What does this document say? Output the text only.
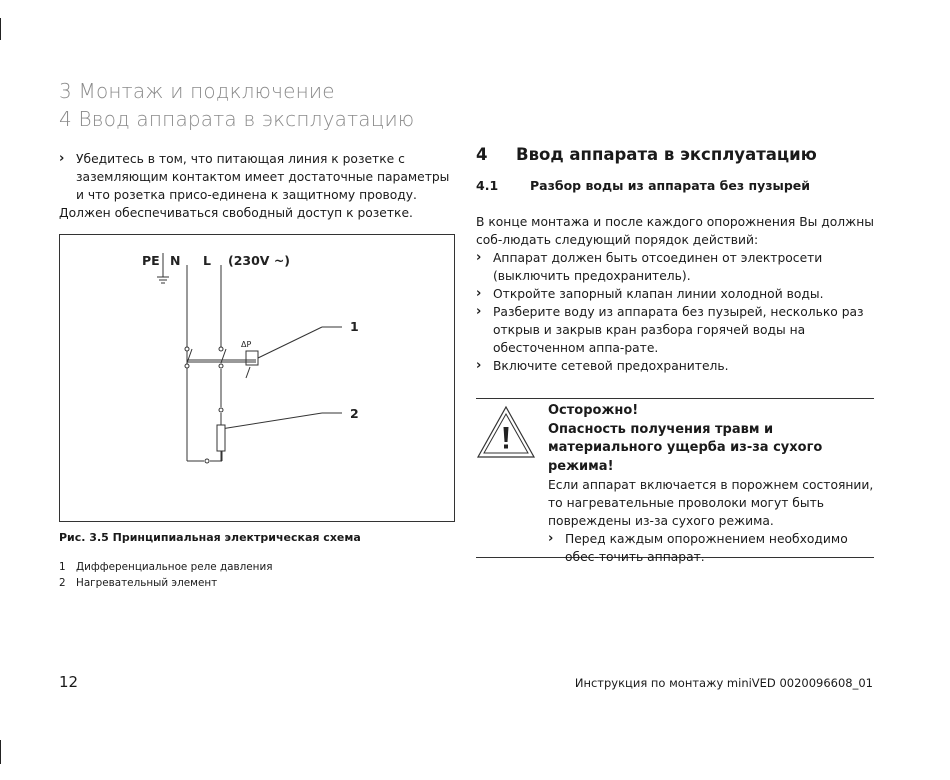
3 Монтаж и подключение
4 Ввод аппарата в эксплуатацию
› Убедитесь в том, что питающая линия к розетке с заземляющим контактом имеет достаточные параметры и что розетка присо-единена к защитному проводу.
Должен обеспечиваться свободный доступ к розетке.
PE N L (230V ~)
ΔP
1
2
Рис. 3.5 Принципиальная электрическая схема
1 Дифференциальное реле давления
2 Нагревательный элемент
4	Ввод аппарата в эксплуатацию
4.1	Разбор воды из аппарата без пузырей
В конце монтажа и после каждого опорожнения Вы должны соб-людать следующий порядок действий:
› Аппарат должен быть отсоединен от электросети (выключить предохранитель).
› Откройте запорный клапан линии холодной воды.
› Разберите воду из аппарата без пузырей, несколько раз открыв и закрыв кран разбора горячей воды на обесточенном аппа-рате.
› Включите сетевой предохранитель.
Осторожно!
Опасность получения травм и материального ущерба из-за сухого режима!
Если аппарат включается в порожнем состоянии, то нагревательные проволоки могут быть повреждены из-за сухого режима.
› Перед каждым опорожнением необходимо обес-точить аппарат.
12	Инструкция по монтажу miniVED 0020096608_01
